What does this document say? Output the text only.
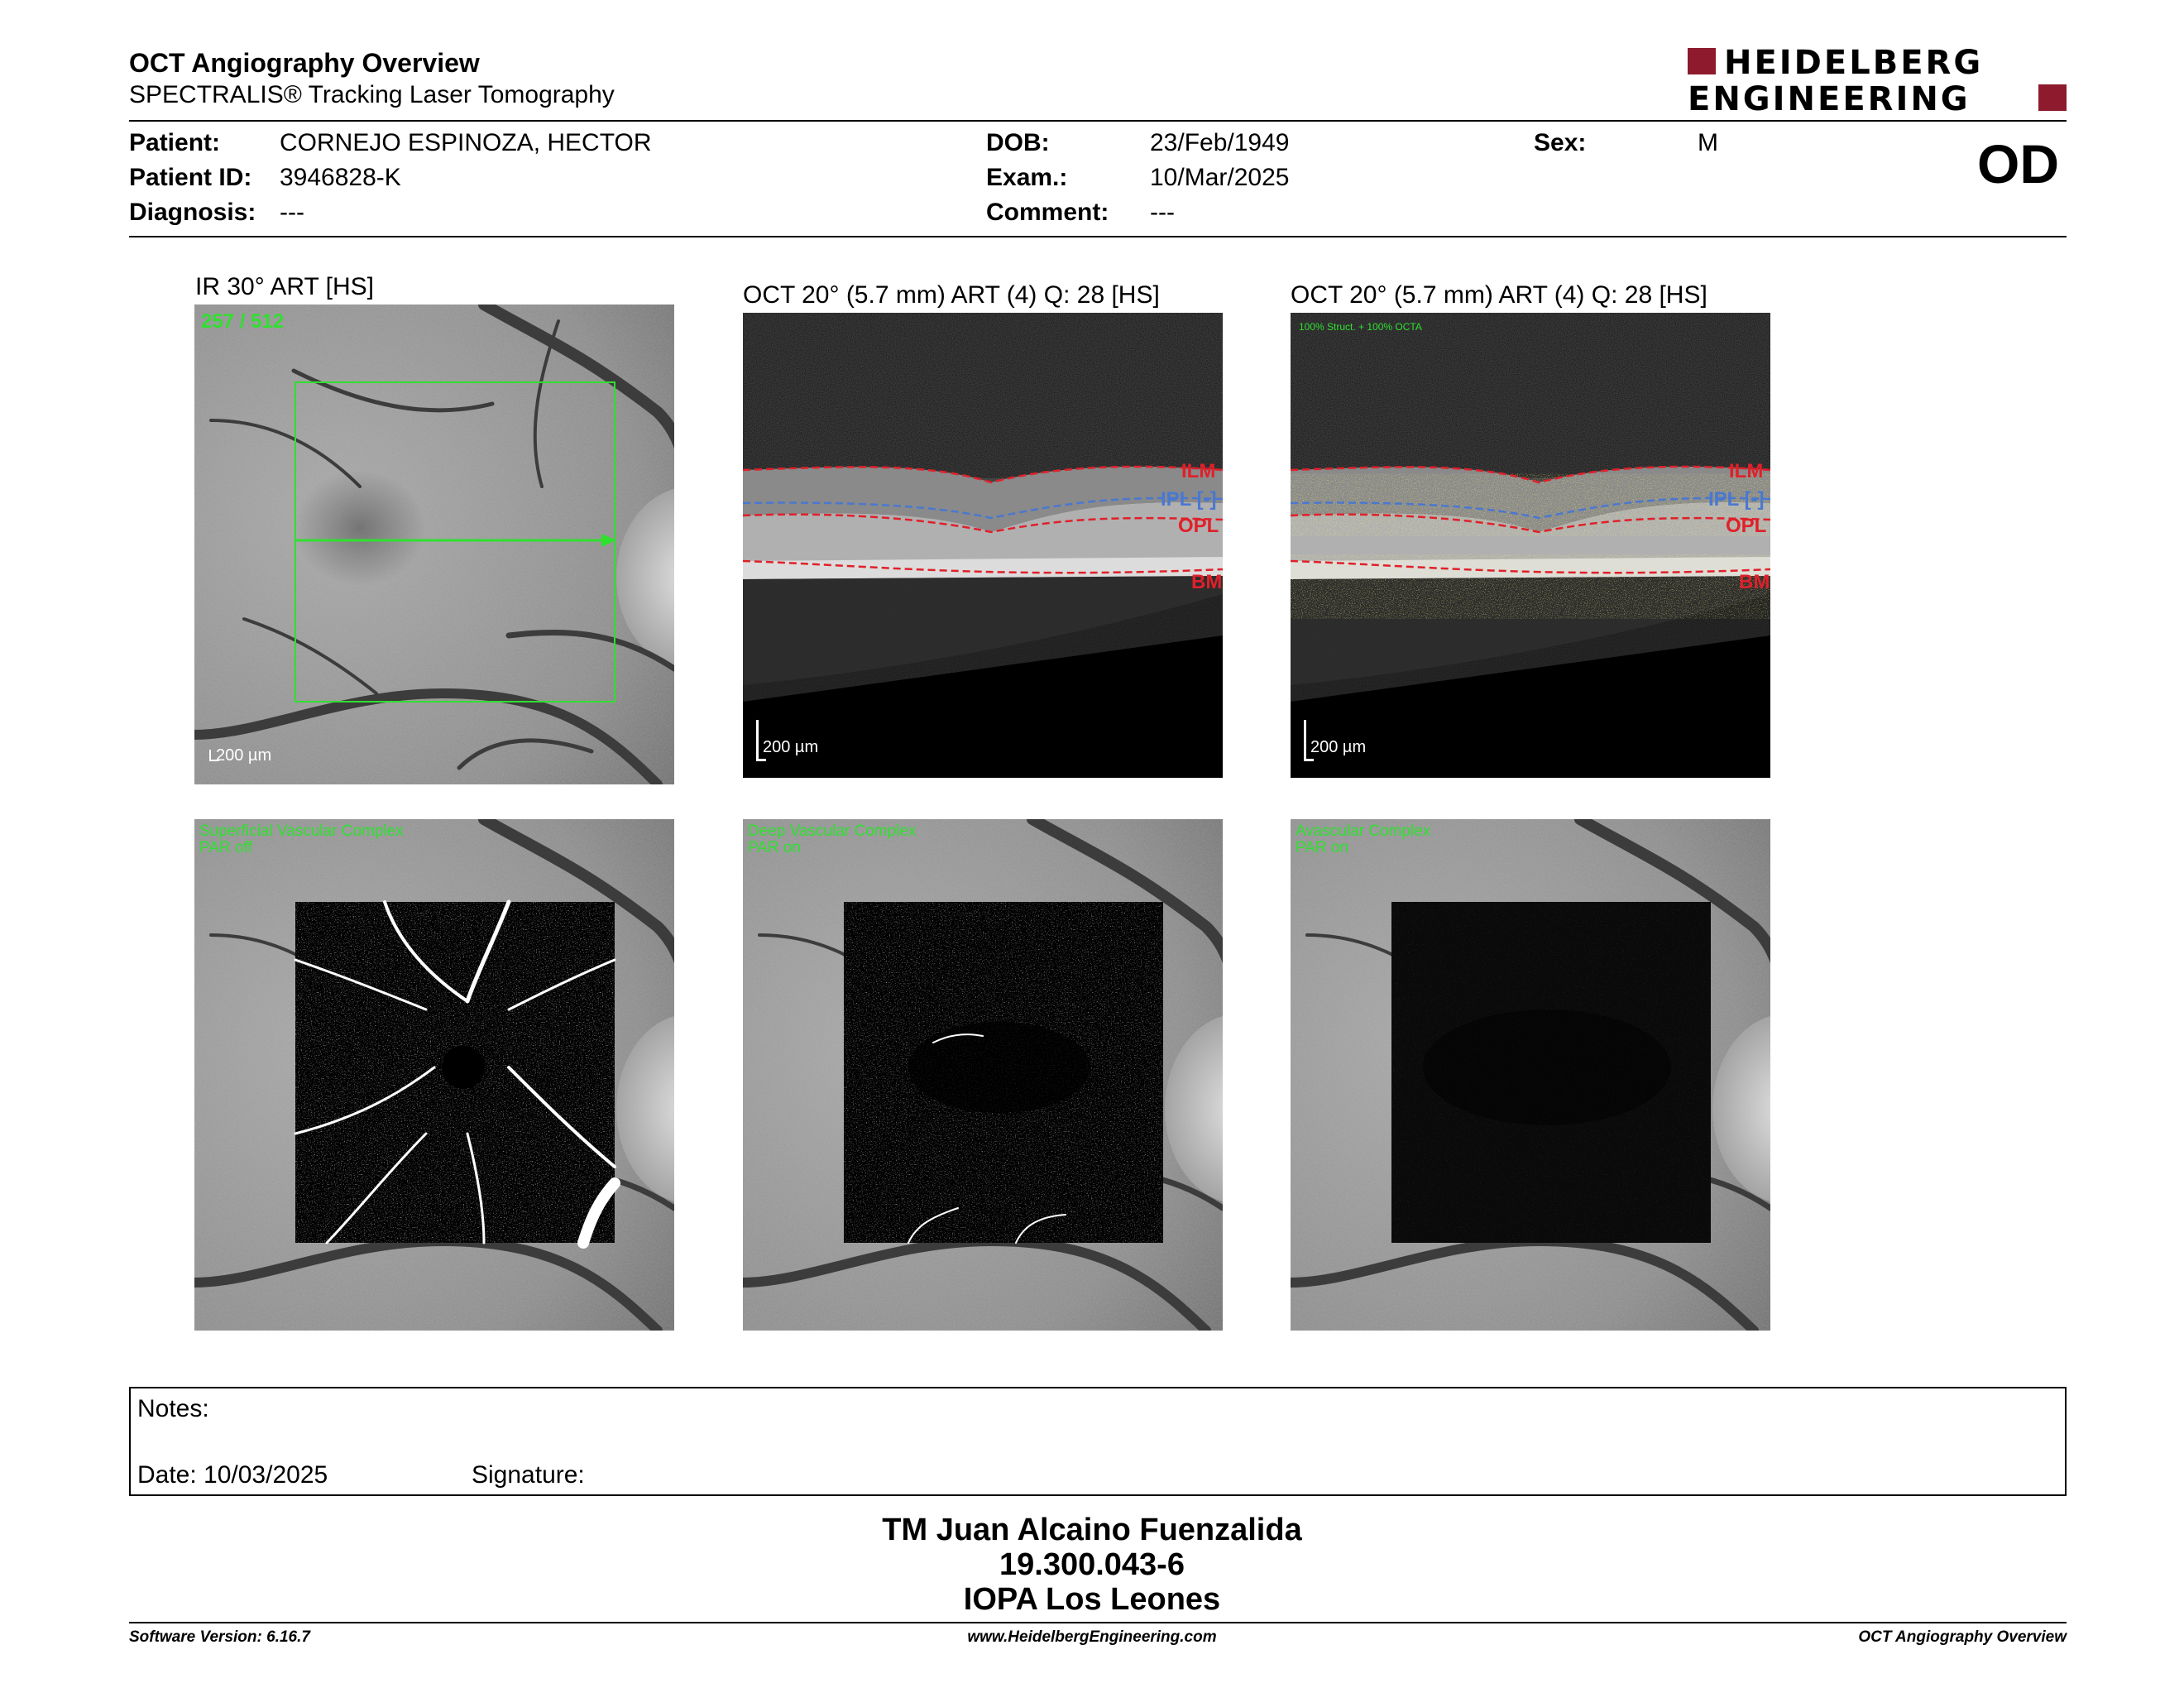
OCT Angiography Overview
SPECTRALIS® Tracking Laser Tomography
HEIDELBERG
ENGINEERING
Patient: CORNEJO ESPINOZA, HECTOR
Patient ID: 3946828-K
Diagnosis: ---
DOB:	23/Feb/1949
Exam.:	10/Mar/2025
Comment: ---
Sex:	M	OD
IR 30° ART [HS]
257 / 512
200 µm
OCT 20° (5.7 mm) ART (4) Q: 28 [HS]
ILM
IPL [-]
OPL
BM
200 µm
OCT 20° (5.7 mm) ART (4) Q: 28 [HS]
100% Struct. + 100% OCTA
ILM
IPL [-]
OPL
BM
200 µm
Superficial Vascular Complex
PAR off
Deep Vascular Complex
PAR on
Avascular Complex
PAR on
Notes:
Date: 10/03/2025	Signature:
TM Juan Alcaino Fuenzalida
19.300.043-6
IOPA Los Leones
Software Version: 6.16.7	www.HeidelbergEngineering.com	OCT Angiography Overview
